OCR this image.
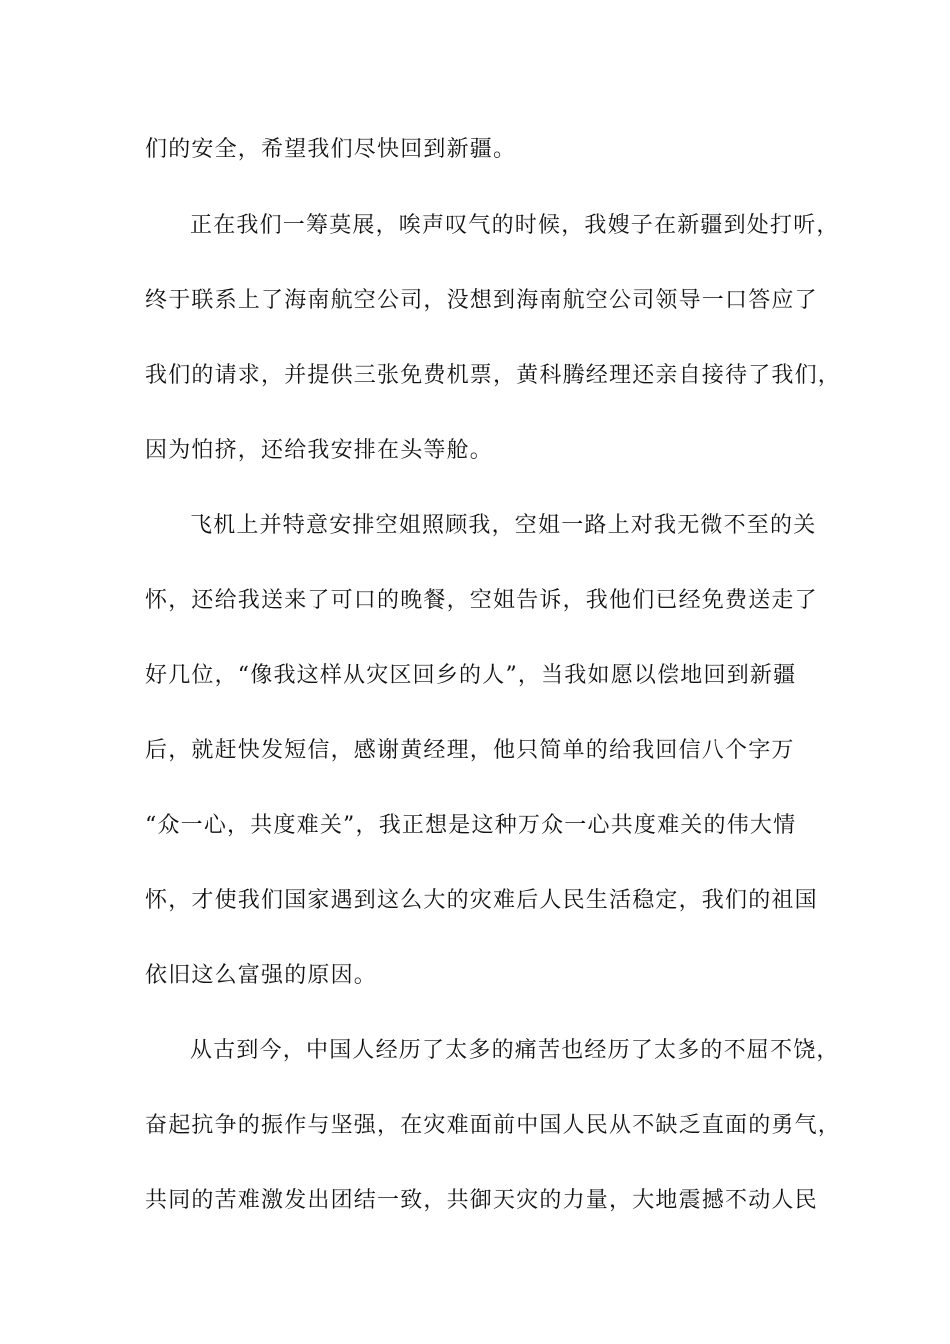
们的安全，希望我们尽快回到新疆。
正在我们一筹莫展，唉声叹气的时候，我嫂子在新疆到处打听，
终于联系上了海南航空公司，没想到海南航空公司领导一口答应了
我们的请求，并提供三张免费机票，黄科腾经理还亲自接待了我们，
因为怕挤，还给我安排在头等舱。
飞机上并特意安排空姐照顾我，空姐一路上对我无微不至的关
怀，还给我送来了可口的晚餐，空姐告诉，我他们已经免费送走了
好几位，“像我这样从灾区回乡的人”，当我如愿以偿地回到新疆
后，就赶快发短信，感谢黄经理，他只简单的给我回信八个字万
“众一心，共度难关”，我正想是这种万众一心共度难关的伟大情
怀，才使我们国家遇到这么大的灾难后人民生活稳定，我们的祖国
依旧这么富强的原因。
从古到今，中国人经历了太多的痛苦也经历了太多的不屈不饶，
奋起抗争的振作与坚强，在灾难面前中国人民从不缺乏直面的勇气，
共同的苦难激发出团结一致，共御天灾的力量，大地震撼不动人民
